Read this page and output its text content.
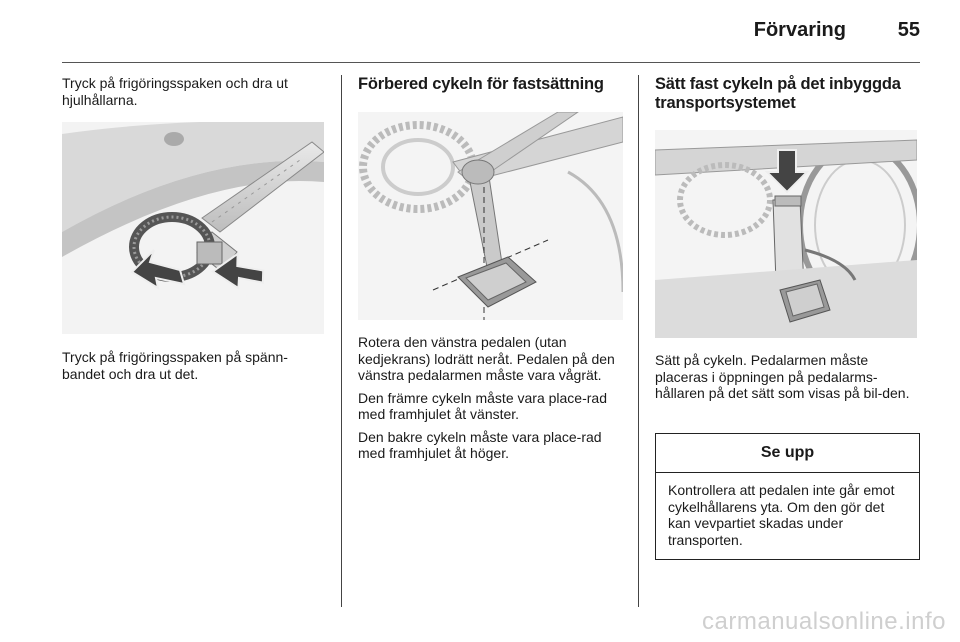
Förvaring	55

Tryck på frigöringsspaken och dra ut hjulhållarna.

Tryck på frigöringsspaken på spänn-bandet och dra ut det.

Förbered cykeln för fastsättning

Rotera den vänstra pedalen (utan kedjekrans) lodrätt neråt. Pedalen på den vänstra pedalarmen måste vara vågrät.

Den främre cykeln måste vara place-rad med framhjulet åt vänster.

Den bakre cykeln måste vara place-rad med framhjulet åt höger.

Sätt fast cykeln på det inbyggda transportsystemet

Sätt på cykeln. Pedalarmen måste placeras i öppningen på pedalarms-hållaren på det sätt som visas på bil-den.

Se upp
Kontrollera att pedalen inte går emot cykelhållarens yta. Om den gör det kan vevpartiet skadas under transporten.
carmanualsonline.info
